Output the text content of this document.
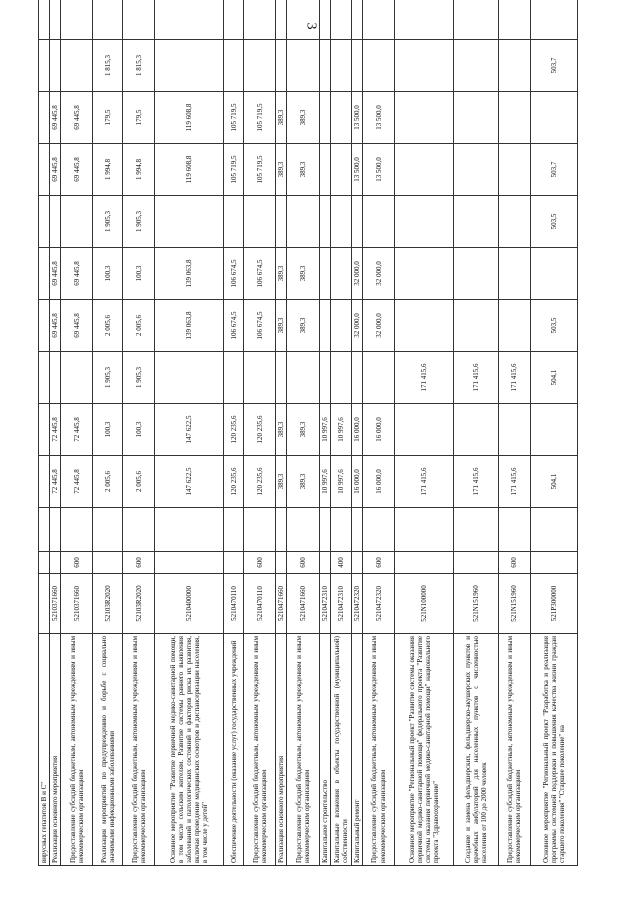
3
вирусных гепатитов В и С"													
Реализация основного мероприятия	5210371660			72 445,8	72 445,8		69 445,8	69 445,8		69 445,8	69 445,8		
Предоставление субсидий бюджетным, автономным учреждениям и иным некоммерческим организациям	5210371660	600		72 445,8	72 445,8		69 445,8	69 445,8		69 445,8	69 445,8		
Реализация мероприятий по предупреждению и борьбе с социально значимыми инфекционными заболеваниями	52103R2020			2 005,6	100,3	1 905,3	2 005,6	100,3	1 905,3	1 994,8	179,5	1 815,3	
Предоставление субсидий бюджетным, автономным учреждениям и иным некоммерческим организациям	52103R2020	600		2 005,6	100,3	1 905,3	2 005,6	100,3	1 905,3	1 994,8	179,5	1 815,3	
Основное мероприятие "Развитие первичной медико-санитарной помощи, в том числе сельским жителям. Развитие системы раннего выявления заболеваний и патологических состояний и факторов риска их развития, включая проведение медицинских осмотров и диспансеризации населения, в том числе у детей"	5210400000			147 622,5	147 622,5		139 063,8	139 063,8		119 608,8	119 608,8		
Обеспечение деятельности (оказание услуг) государственных учреждений	5210470110			120 235,6	120 235,6		106 674,5	106 674,5		105 719,5	105 719,5		
Предоставление субсидий бюджетным, автономным учреждениям и иным некоммерческим организациям	5210470110	600		120 235,6	120 235,6		106 674,5	106 674,5		105 719,5	105 719,5		
Реализация основного мероприятия	5210471660			389,3	389,3		389,3	389,3		389,3	389,3		
Предоставление субсидий бюджетным, автономным учреждениям и иным некоммерческим организациям	5210471660	600		389,3	389,3		389,3	389,3		389,3	389,3		
Капитальное строительство	5210472310			10 997,6	10 997,6								
Капитальные вложения в объекты государственной (муниципальной) собственности	5210472310	400		10 997,6	10 997,6								
Капитальный ремонт	5210472320			16 000,0	16 000,0		32 000,0	32 000,0		13 500,0	13 500,0		
Предоставление субсидий бюджетным, автономным учреждениям и иным некоммерческим организациям	5210472320	600		16 000,0	16 000,0		32 000,0	32 000,0		13 500,0	13 500,0		
Основное мероприятие "Региональный проект "Развитие системы оказания первичной медико-санитарной помощи" федерального проекта "Развитие системы оказания первичной медико-санитарной помощи" национального проекта "Здравоохранение"	521N100000			171 415,6		171 415,6							
Создание и замена фельдшерских, фельдшерско-акушерских пунктов и врачебных амбулаторий для населенных пунктов с численностью населения от 100 до 2000 человек	521N151960			171 415,6		171 415,6							
Предоставление субсидий бюджетным, автономным учреждениям и иным некоммерческим организациям	521N151960	600		171 415,6		171 415,6							
Основное мероприятие "Региональный проект "Разработка и реализация программы системной поддержки и повышения качества жизни граждан старшего поколения" "Старшее поколение" на	521P300000			504,1		504,1	503,5		503,5	503,7		503,7	
